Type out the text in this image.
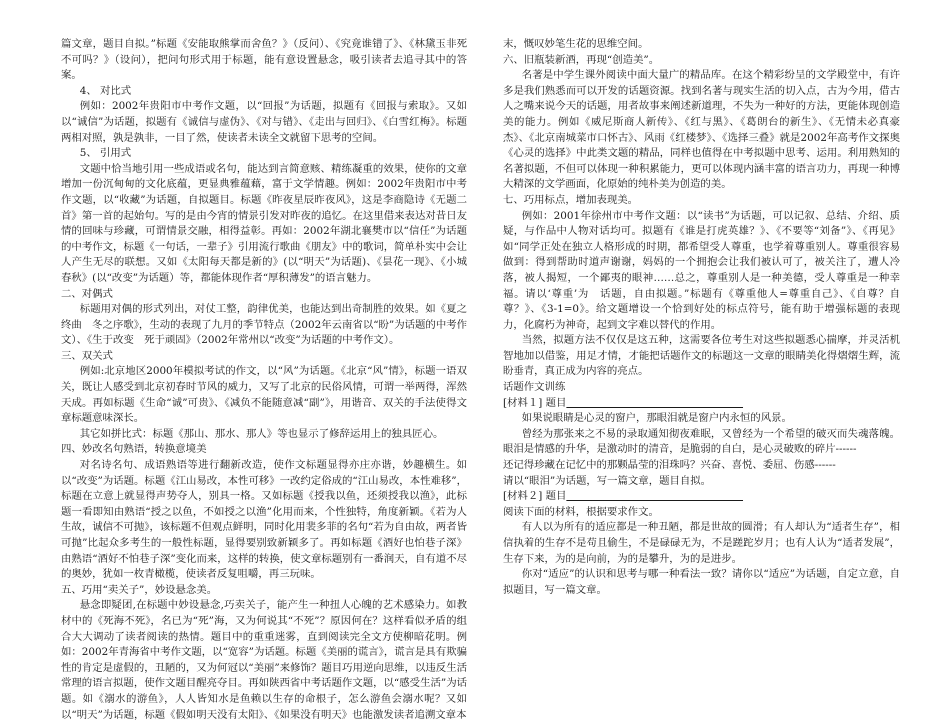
篇文章，题目自拟。”标题《安能取熊掌而舍鱼？》（反问）、《究竟谁错了》、《林黛玉非死不可吗？》（设问），把问句形式用于标题，能有意设置悬念，吸引读者去追寻其中的答案。

4、 对比式

例如：2002年贵阳市中考作文题，以“回报”为话题，拟题有《回报与索取》。又如以“诚信”为话题，拟题有《诚信与虚伪》、《对与错》、《走出与回归》、《白雪红梅》。标题两相对照，孰是孰非，一目了然，使读者未读全文就留下思考的空间。

5、 引用式

文题中恰当地引用一些成语或名句，能达到言简意赅、精练凝重的效果，使你的文章增加一份沉甸甸的文化底蕴，更显典雅蕴藉，富于文学情趣。例如：2002年贵阳市中考作文题，以“收藏”为话题，自拟题目。标题《昨夜星辰昨夜风》，这是李商隐诗《无题二首》第一首的起始句。写的是由今宵的情景引发对昨夜的追忆。在这里借来表达对昔日友情的回味与珍藏，可谓情景交融，相得益彰。再如：2002年湖北襄樊市以“信任”为话题的中考作文，标题《一句话，一辈子》引用流行歌曲《朋友》中的歌词，简单朴实中会让人产生无尽的联想。又如《太阳每天都是新的》(以“明天”为话题)、《昙花一现》、《小城春秋》(以“改变”为话题）等，都能体现作者“厚积薄发”的语言魅力。

二、对偶式

标题用对偶的形式列出，对仗工整，韵律优美，也能达到出奇制胜的效果。如《夏之终曲　冬之序歌》，生动的表现了九月的季节特点（2002年云南省以“盼”为话题的中考作文）、《生于改变　死于顽固》（2002年常州以“改变”为话题的中考作文）。

三、双关式

例如:北京地区2000年模拟考试的作文，以“风”为话题。《北京“风”情》，标题一语双关，既让人感受到北京初春时节风的威力，又写了北京的民俗风情，可谓一举两得，浑然天成。再如标题《生命“诚”可贵》、《减负不能随意减“副”》，用谐音、双关的手法使得文章标题意味深长。

其它如拼比式：标题《那山、那水、那人》等也显示了修辞运用上的独具匠心。

四、妙改名句熟语，转换意境美

对名诗名句、成语熟语等进行翻新改造，使作文标题显得亦庄亦谐，妙趣横生。如以“改变”为话题。标题《江山易改，本性可移》一改约定俗成的“江山易改，本性难移”，标题在立意上就显得声势夺人，别具一格。又如标题《授我以鱼，还须授我以渔》，此标题一看即知由熟语“授之以鱼，不如授之以渔”化用而来，个性独特，角度新颖。《若为人生故，诚信不可抛》，该标题不但观点鲜明，同时化用裴多菲的名句“若为自由故，两者皆可抛”比起众多考生的一般性标题，显得要别致新颖多了。再如标题《酒好也怕巷子深》由熟语“酒好不怕巷子深”变化而来，这样的转换，使文章标题别有一番润天，自有道不尽的奥妙，犹如一枚青橄榄，使读者反复咀嚼，再三玩味。

五、巧用“卖关子”，妙设悬念美。

悬念即疑团,在标题中妙设悬念,巧卖关子，能产生一种扭人心魄的艺术感染力。如教材中的《死海不死》，名已为“死”海，又为何说其“不死”？原因何在？这样看似矛盾的组合大大调动了读者阅读的热情。题目中的重重迷雾，直到阅读完全文方使柳暗花明。例如：2002年青海省中考作文题，以“宽容”为话题。标题《美丽的谎言》，谎言是具有欺骗性的肯定是虚假的，丑陋的，又为何冠以“美丽”来修饰？题目巧用逆向思维，以违反生活常理的语言拟题，使作文题目醒亮夺目。再如陕西省中考话题作文题，以“感受生活”为话题。如《溺水的游鱼》，人人皆知水是鱼赖以生存的命根子，怎么游鱼会溺水呢？又如以“明天”为话题，标题《假如明天没有太阳》、《如果没有明天》也能激发读者追溯文章本

末，慨叹妙笔生花的思维空间。

六、旧瓶装新酒，再现“创造美”。

名著是中学生课外阅读中面大量广的精品库。在这个精彩纷呈的文学殿堂中，有许多是我们熟悉而可以开发的话题资源。找到名著与现实生活的切入点，古为今用，借古人之嘴来说今天的话题，用者故事来阐述新道理，不失为一种好的方法，更能体现创造美的能力。例如《威尼斯商人新传》、《红与黑》、《葛朗台的新生》、《无情未必真豪杰》、《北京南城菜市口怀古》、风雨《红楼梦》、《选择三叠》就是2002年高考作文探奥《心灵的选择》中此类文题的精品，同样也值得在中考拟题中思考、运用。利用熟知的名著拟题，不但可以体现一种积累能力，更可以体现内涵丰富的语言功力，再现一种博大精深的文学画面，化原始的纯朴美为创造的美。

七、巧用标点，增加表现美。

例如：2001年徐州市中考作文题：以“读书”为话题，可以记叙、总结、介绍、质疑，与作品中人物对话均可。拟题有《谁是打虎英雄？》、《不要等“刘备”》、《再见》如“同学正处在独立人格形成的时期，都希望受人尊重，也学着尊重别人。尊重很容易做到：得到帮助时道声谢谢，妈妈的一个拥抱会让我们被认可了，被关注了，遭人冷落，被人揭短，一个鄙夷的眼神……总之，尊重别人是一种美德，受人尊重是一种幸福。请以‘尊重’为　话题，自由拟题。”标题有《尊重他人=尊重自己》、《自尊？自尊？》、《3-1=0》。给文题增设一个恰到好处的标点符号，能有助于增强标题的表现力，化腐朽为神奇，起到文字难以替代的作用。

当然，拟题方法不仅仅是这五种，这需要各位考生对这些拟题悉心揣摩，并灵活机智地加以借鉴，用足才情，才能把话题作文的标题这一文章的眼睛美化得熠熠生辉，流盼垂青，真正成为内容的亮点。

话题作文训练

[材料１] 题目　　　　　　　　　　　　　　　　　

如果说眼睛是心灵的窗户，那眼泪就是窗户内永恒的风景。

曾经为那张来之不易的录取通知彻夜难眠，又曾经为一个希望的破灭而失魂落魄。眼泪是情感的升华，是激动时的清音，是脆弱的自白，是心灵破败的碎片------

还记得珍藏在记忆中的那颗晶莹的泪珠吗？兴奋、喜悦、委屈、伤感------

请以“眼泪”为话题，写一篇文章，题目自拟。

[材料２] 题目　　　　　　　　　　　　　　　　　

阅读下面的材料，根据要求作文。

有人以为所有的适应都是一种丑陋，都是世故的圆滑；有人却认为“适者生存”，相信执着的生存不是苟且偷生，不是碌碌无为，不是蹉跎岁月；也有人认为“适者发展”，生存下来，为的是向前，为的是攀升，为的是进步。

你对“适应”的认识和思考与哪一种看法一致？请你以“适应”为话题，自定立意，自拟题目，写一篇文章。
